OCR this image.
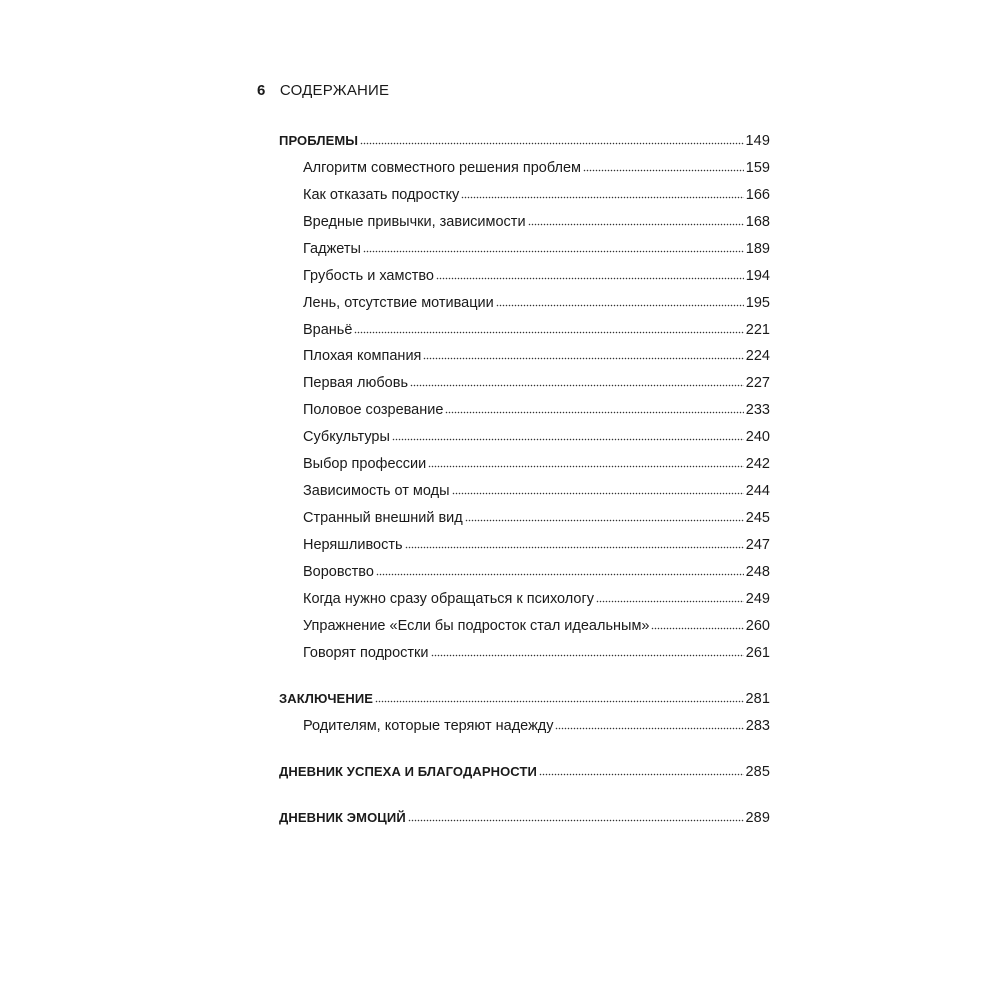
6 СОДЕРЖАНИЕ
ПРОБЛЕМЫ	149
Алгоритм совместного решения проблем	159
Как отказать подростку	166
Вредные привычки, зависимости	168
Гаджеты	189
Грубость и хамство	194
Лень, отсутствие мотивации	195
Враньё	221
Плохая компания	224
Первая любовь	227
Половое созревание	233
Субкультуры	240
Выбор профессии	242
Зависимость от моды	244
Странный внешний вид	245
Неряшливость	247
Воровство	248
Когда нужно сразу обращаться к психологу	249
Упражнение «Если бы подросток стал идеальным»	260
Говорят подростки	261
ЗАКЛЮЧЕНИЕ	281
Родителям, которые теряют надежду	283
ДНЕВНИК УСПЕХА И БЛАГОДАРНОСТИ	285
ДНЕВНИК ЭМОЦИЙ	289
